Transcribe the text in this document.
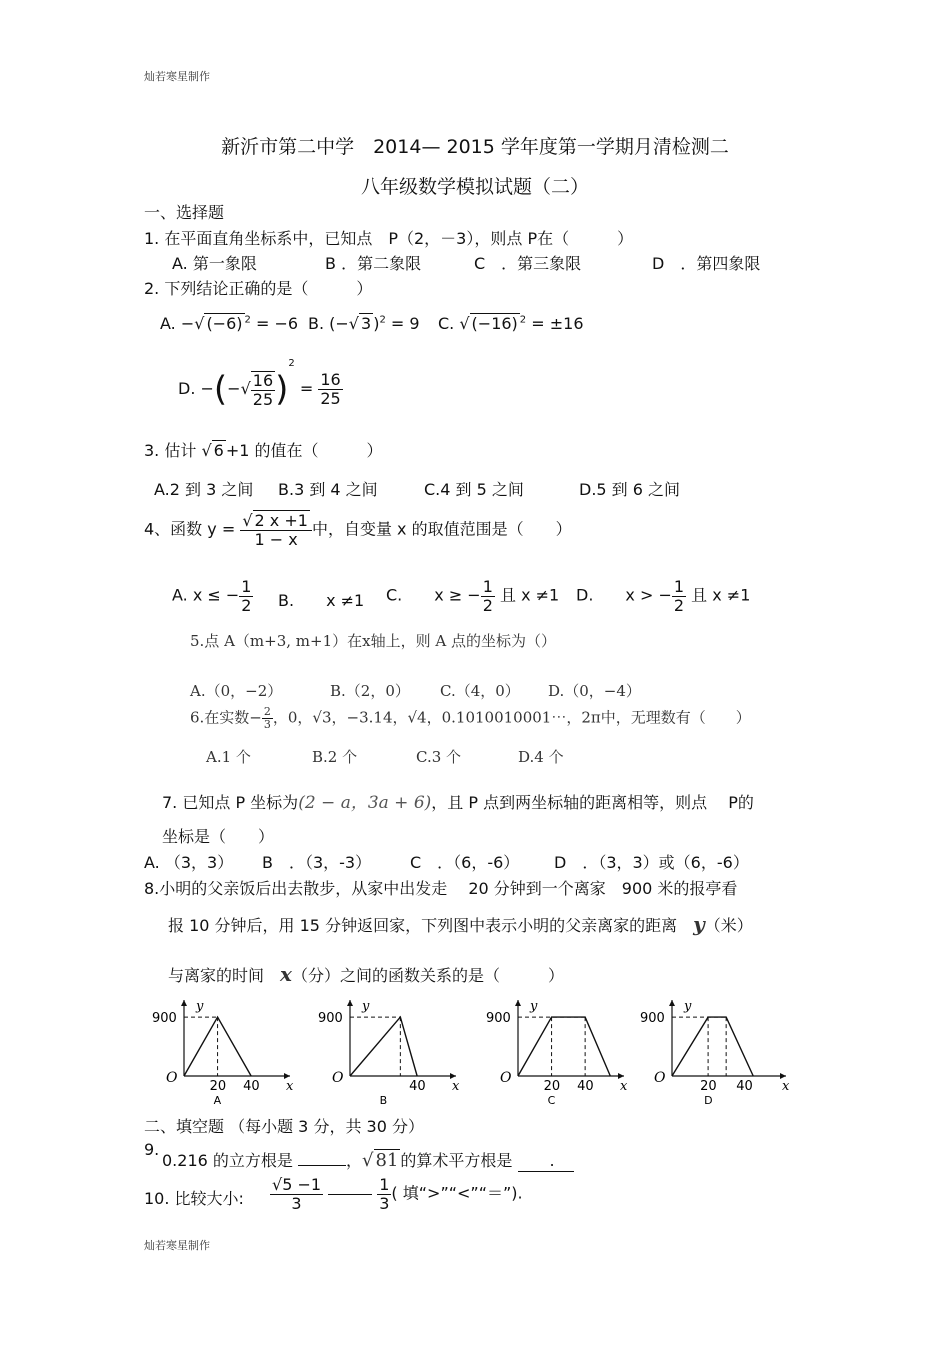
灿若寒星制作
灿若寒星制作
新沂市第二中学　2014— 2015 学年度第一学期月清检测二
八年级数学模拟试题（二）
一、选择题
1. 在平面直角坐标系中，已知点　P（2，－3），则点 P在（　　　）
A. 第一象限	B ．第二象限	C　．第三象限	D　．第四象限
2. 下列结论正确的是（　　　）
A. −√ (−6) $^2$ = −6 B. (−√ 3 )$^2$ = 9 C. √ (−16) $^2$ = ±16
D. −(−√ $\frac{16}{25} )^2 = \frac{16}{25}$
3. 估计 √ 6 +1 的值在（　　　）
A.2 到 3 之间 B.3 到 4 之间	C.4 到 5 之间	D.5 到 6 之间
4、函数 $y = \frac{√ 2 x +1}{1 - x}$ 中，自变量 x 的取值范围是（　　）
A. x ≤ − $\frac{1}{2} B$.　　x ≠1 C.　　x ≥ − $\frac{1}{2}$ 且 x ≠1 D.　　x > − $\frac{1}{2}$ 且 x ≠1
5.点 A（m+3, m+1）在x轴上，则 A 点的坐标为（）
A.（0，−2）	B.（2，0） C.（4，0） D.（0，−4）
6.在实数− $\frac{2}{3}$ ，0，√3，−3.14，√4，0.1010010001⋯，2π中，无理数有（　　）
A.1 个	B.2 个	C.3 个	D.4 个
7. 已知点 P 坐标为(2 − a，3a + 6)，且 P 点到两坐标轴的距离相等，则点　 P的
坐标是（　　）
A. （3，3） B　．（3，-3） C　．（6，-6） D　．（3，3）或（6，-6）
8.小明的父亲饭后出去散步，从家中出发走　 20 分钟到一个离家　900 米的报亭看
报 10 分钟后，用 15 分钟返回家，下列图中表示小明的父亲离家的距离　 y（米）
与离家的时间　 x（分）之间的函数关系的是（　　　）
y
x
O
900
20 40
A
y
x
O
900
40
B
y
x
O
900
20 40
C
y
x
O
900
20 40
D
二、填空题 （每小题 3 分，共 30 分）
9.
0.216 的立方根是	，√ 81 的算术平方根是 　　.　
10. 比较大小: $\frac{√5 -1}{3}$
	$\frac{1}{3}$ ( 填“>”“<”“＝”).
